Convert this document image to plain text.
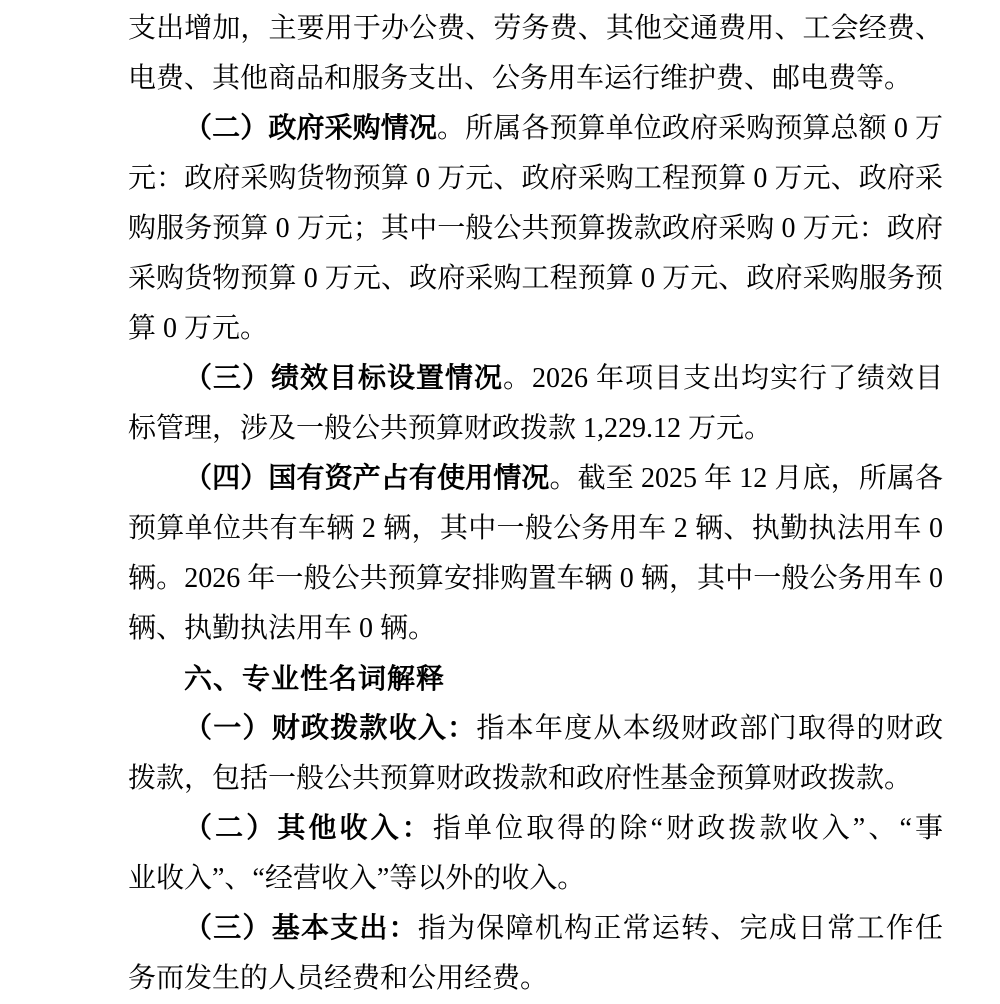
支出增加，主要用于办公费、劳务费、其他交通费用、工会经费、
电费、其他商品和服务支出、公务用车运行维护费、邮电费等。
（二）政府采购情况。所属各预算单位政府采购预算总额 0 万
元：政府采购货物预算 0 万元、政府采购工程预算 0 万元、政府采
购服务预算 0 万元；其中一般公共预算拨款政府采购 0 万元：政府
采购货物预算 0 万元、政府采购工程预算 0 万元、政府采购服务预
算 0 万元。
（三）绩效目标设置情况。2026 年项目支出均实行了绩效目
标管理，涉及一般公共预算财政拨款 1,229.12 万元。
（四）国有资产占有使用情况。截至 2025 年 12 月底，所属各
预算单位共有车辆 2 辆，其中一般公务用车 2 辆、执勤执法用车 0
辆。2026 年一般公共预算安排购置车辆 0 辆，其中一般公务用车 0
辆、执勤执法用车 0 辆。
六、专业性名词解释
（一）财政拨款收入：指本年度从本级财政部门取得的财政
拨款，包括一般公共预算财政拨款和政府性基金预算财政拨款。
（二）其他收入：指单位取得的除“财政拨款收入”、“事
业收入”、“经营收入”等以外的收入。
（三）基本支出：指为保障机构正常运转、完成日常工作任
务而发生的人员经费和公用经费。
